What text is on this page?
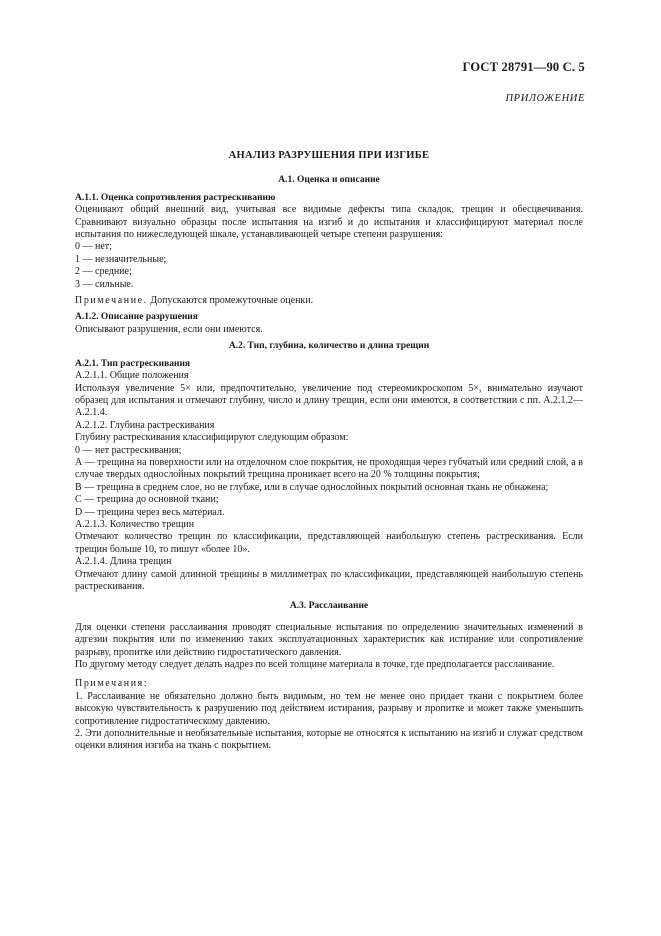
ГОСТ 28791—90 С. 5
ПРИЛОЖЕНИЕ
АНАЛИЗ РАЗРУШЕНИЯ ПРИ ИЗГИБЕ
А.1. Оценка и описание
А.1.1. Оценка сопротивления растрескиванию

Оценивают общий внешний вид, учитывая все видимые дефекты типа складок, трещин и обесцвечивания. Сравнивают визуально образцы после испытания на изгиб и до испытания и классифицируют материал после испытания по нижеследующей шкале, устанавливающей четыре степени разрушения:

0 — нет;

1 — незначительные;

2 — средние;

3 — сильные.

Примечание. Допускаются промежуточные оценки.

А.1.2. Описание разрушения

Описывают разрушения, если они имеются.

А.2. Тип, глубина, количество и длина трещин
А.2.1. Тип растрескивания

А.2.1.1. Общие положения

Используя увеличение 5× или, предпочтительно, увеличение под стереомикроскопом 5×, внимательно изучают образец для испытания и отмечают глубину, число и длину трещин, если они имеются, в соответствии с пп. А.2.1.2—А.2.1.4.

А.2.1.2. Глубина растрескивания

Глубину растрескивания классифицируют следующим образом:

0 — нет растрескивания;

А — трещина на поверхности или на отделочном слое покрытия, не проходящая через губчатый или средний слой, а в случае твердых однослойных покрытий трещина проникает всего на 20 % толщины покрытия;

В — трещина в среднем слое, но не глубже, или в случае однослойных покрытий основная ткань не обнажена;

С — трещина до основной ткани;

D — трещина через весь материал.

А.2.1.3. Количество трещин

Отмечают количество трещин по классификации, представляющей наибольшую степень растрескивания. Если трещин больше 10, то пишут «более 10».

А.2.1.4. Длина трещин

Отмечают длину самой длинной трещины в миллиметрах по классификации, представляющей наибольшую степень растрескивания.

А.3. Расслаивание

Для оценки степени расслаивания проводят специальные испытания по определению значительных изменений в адгезии покрытия или по изменению таких эксплуатационных характеристик как истирание или сопротивление разрыву, пропитке или действию гидростатического давления.

По другому методу следует делать надрез по всей толщине материала в точке, где предполагается расслаивание.

Примечания:

1. Расслаивание не обязательно должно быть видимым, но тем не менее оно придает ткани с покрытием более высокую чувствительность к разрушению под действием истирания, разрыву и пропитке и может также уменьшить сопротивление гидростатическому давлению.

2. Эти дополнительные и необязательные испытания, которые не относятся к испытанию на изгиб и служат средством оценки влияния изгиба на ткань с покрытием.
